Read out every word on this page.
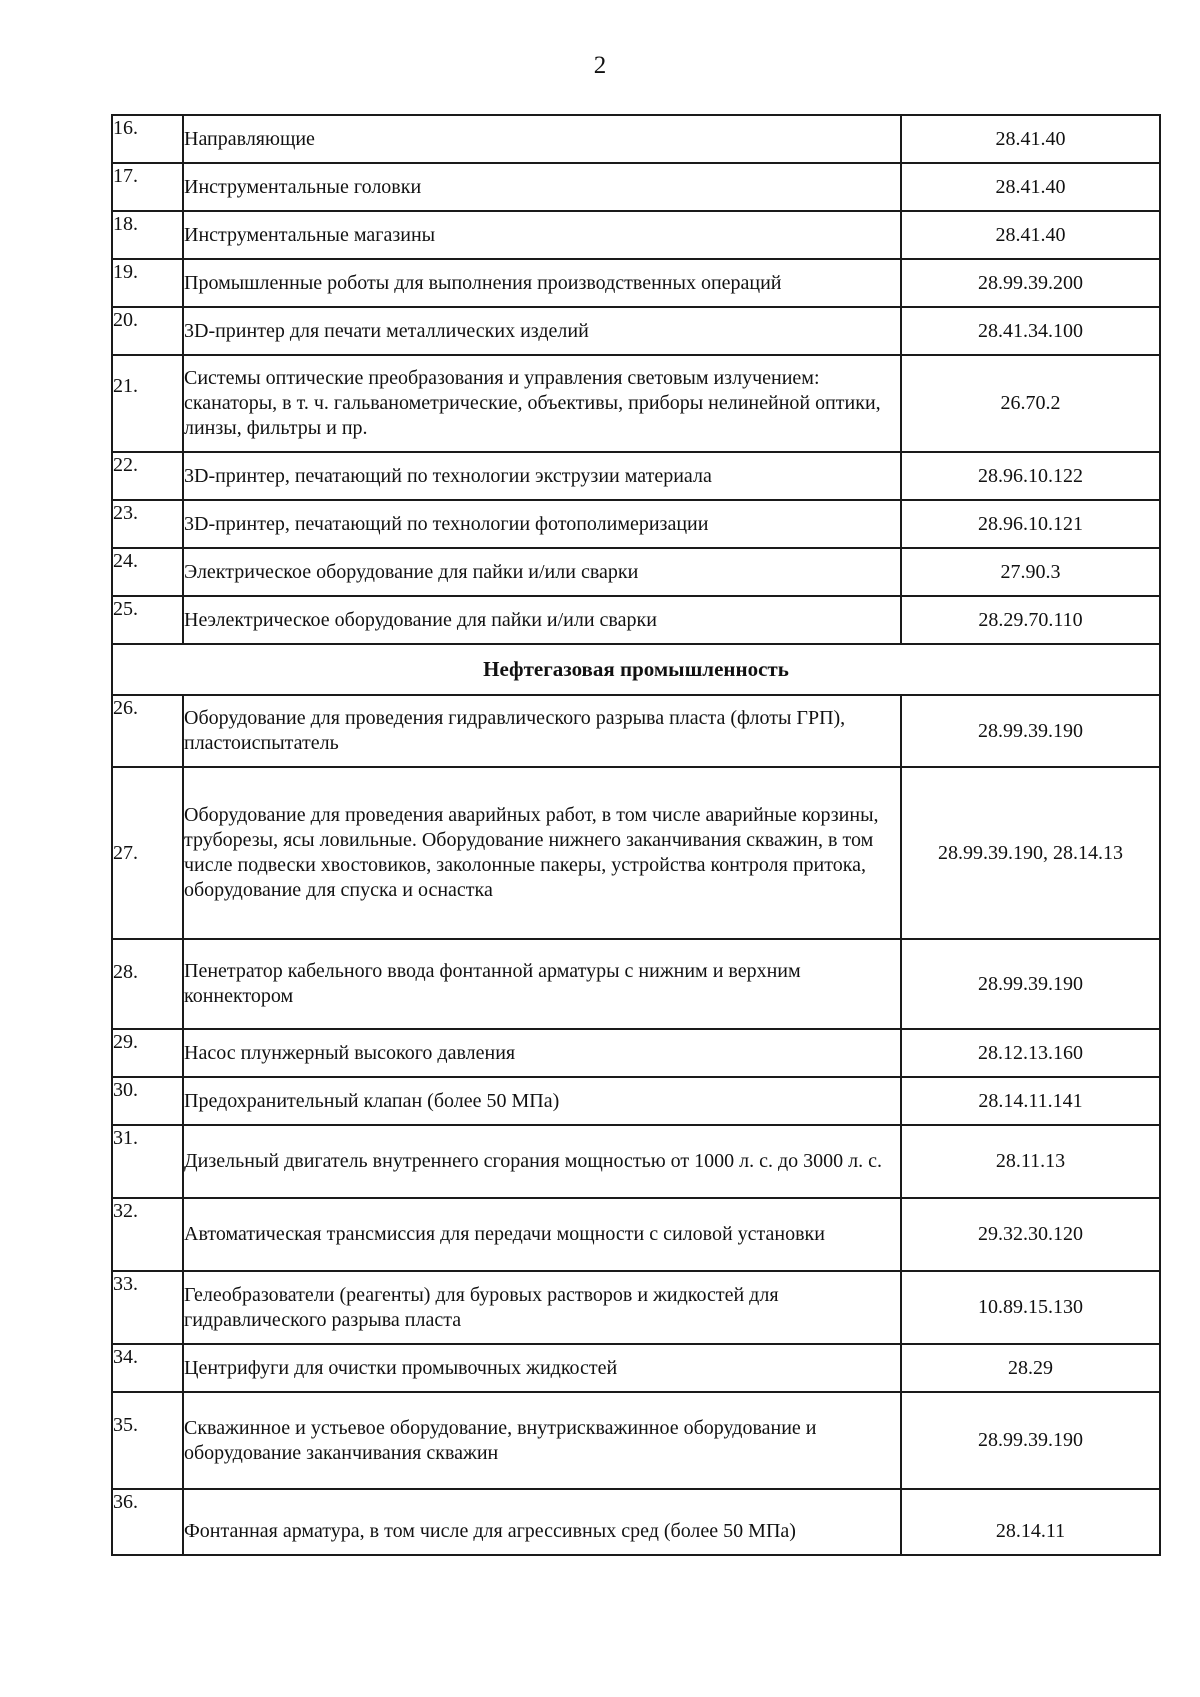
2
16.	Направляющие	28.41.40
17.	Инструментальные головки	28.41.40
18.	Инструментальные магазины	28.41.40
19.	Промышленные роботы для выполнения производственных операций	28.99.39.200
20.	3D-принтер для печати металлических изделий	28.41.34.100
21.	Системы оптические преобразования и управления световым излучением: сканаторы, в т. ч. гальванометрические, объективы, приборы нелинейной оптики, линзы, фильтры и пр.	26.70.2
22.	3D-принтер, печатающий по технологии экструзии материала	28.96.10.122
23.	3D-принтер, печатающий по технологии фотополимеризации	28.96.10.121
24.	Электрическое оборудование для пайки и/или сварки	27.90.3
25.	Неэлектрическое оборудование для пайки и/или сварки	28.29.70.110
Нефтегазовая промышленность		
26.	Оборудование для проведения гидравлического разрыва пласта (флоты ГРП), пластоиспытатель	28.99.39.190
27.	Оборудование для проведения аварийных работ, в том числе аварийные корзины, труборезы, ясы ловильные. Оборудование нижнего заканчивания скважин, в том числе подвески хвостовиков, заколонные пакеры, устройства контроля притока, оборудование для спуска и оснастка	28.99.39.190, 28.14.13
28.	Пенетратор кабельного ввода фонтанной арматуры с нижним и верхним коннектором	28.99.39.190
29.	Насос плунжерный высокого давления	28.12.13.160
30.	Предохранительный клапан (более 50 МПа)	28.14.11.141
31.	Дизельный двигатель внутреннего сгорания мощностью от 1000 л. с. до 3000 л. с.	28.11.13
32.	Автоматическая трансмиссия для передачи мощности с силовой установки	29.32.30.120
33.	Гелеобразователи (реагенты) для буровых растворов и жидкостей для гидравлического разрыва пласта	10.89.15.130
34.	Центрифуги для очистки промывочных жидкостей	28.29
35.	Скважинное и устьевое оборудование, внутрискважинное оборудование и оборудование заканчивания скважин	28.99.39.190
36.	Фонтанная арматура, в том числе для агрессивных сред (более 50 МПа)	28.14.11
